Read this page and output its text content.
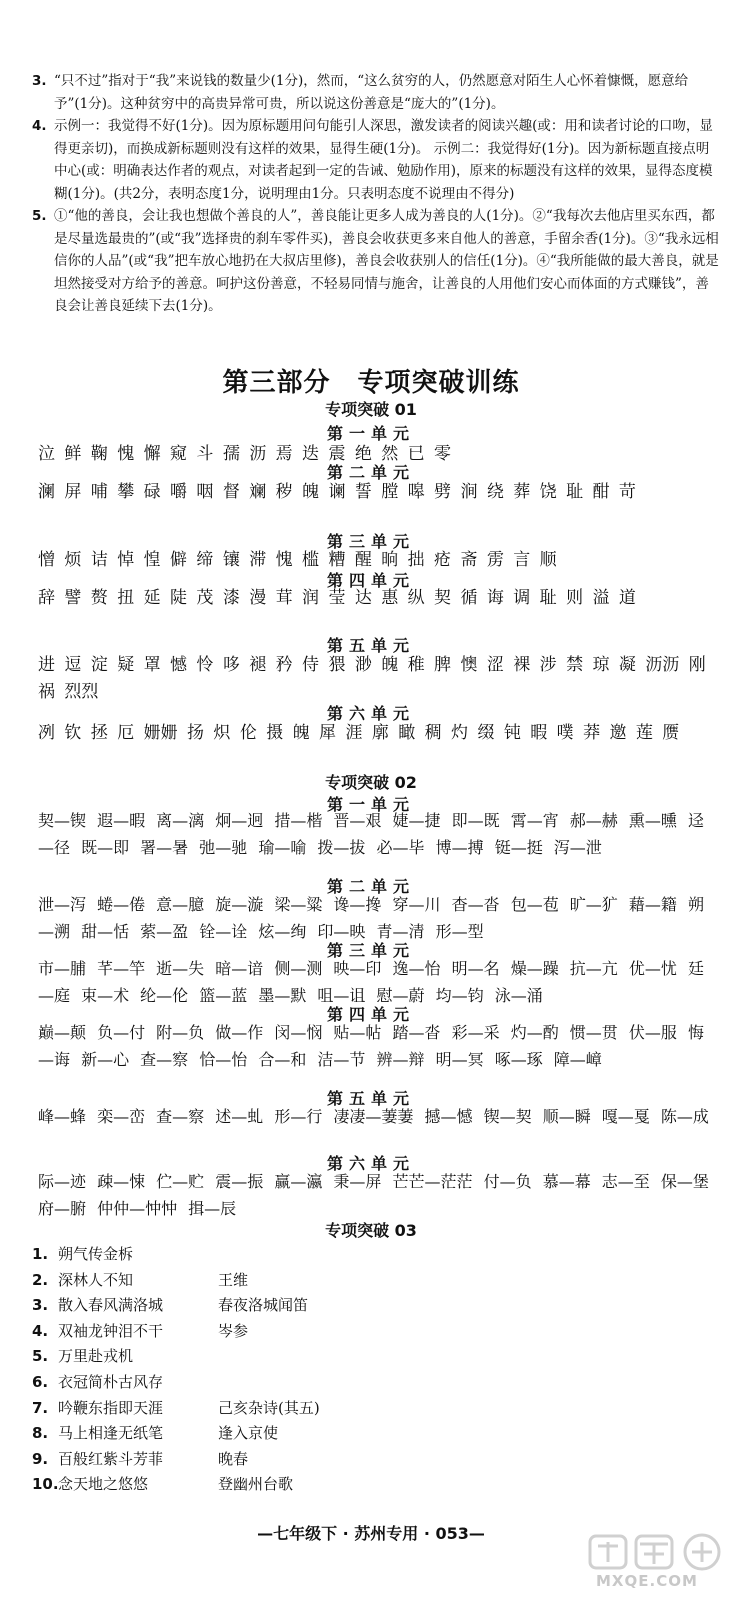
3. “只不过”指对于“我”来说钱的数量少(1分)，然而，“这么贫穷的人，仍然愿意对陌生人心怀着慷慨，愿意给予”(1分)。这种贫穷中的高贵异常可贵，所以说这份善意是“庞大的”(1分)。
4. 示例一：我觉得不好(1分)。因为原标题用问句能引人深思，激发读者的阅读兴趣(或：用和读者讨论的口吻，显得更亲切)，而换成新标题则没有这样的效果，显得生硬(1分)。 示例二：我觉得好(1分)。因为新标题直接点明中心(或：明确表达作者的观点，对读者起到一定的告诫、勉励作用)，原来的标题没有这样的效果，显得态度模糊(1分)。(共2分，表明态度1分，说明理由1分。只表明态度不说理由不得分)
5. ①“他的善良，会让我也想做个善良的人”，善良能让更多人成为善良的人(1分)。②“我每次去他店里买东西，都是尽量选最贵的”(或“我”选择贵的刹车零件买)，善良会收获更多来自他人的善意，手留余香(1分)。③“我永远相信你的人品”(或“我”把车放心地扔在大叔店里修)，善良会收获别人的信任(1分)。④“我所能做的最大善良，就是坦然接受对方给予的善意。呵护这份善意，不轻易同情与施舍，让善良的人用他们安心而体面的方式赚钱”，善良会让善良延续下去(1分)。
第三部分　专项突破训练
专项突破 01
第一单元
泣 鲜 鞠 愧 懈 窥 斗 孺 沥 焉 迭 震 绝 然 已 零
第二单元
澜 屏 哺 攀 碌 嚼 咽 督 斓 秽 魄 谰 誓 膛 嗥 劈 涧 绕 葬 饶 耻 酣 苛
第三单元
憎 烦 诘 悼 惶 僻 缔 镶 滞 愧 槛 糟 醒 晌 拙 疮 斋 雳 言 顺
第四单元
辞 譬 赘 扭 延 陡 茂 漆 漫 茸 润 莹 达 惠 纵 契 循 诲 调 耻 则 溢 道
第五单元
进 逗 淀 疑 罩 憾 怜 哆 褪 矜 侍 猥 渺 魄 稚 脾 懊 涩 裸 涉 禁 琼 凝 沥沥 刚 祸 烈烈
第六单元
冽 钦 拯 厄 姗姗 扬 炽 伦 摄 魄 犀 涯 廓 瞰 稠 灼 缀 钝 暇 噗 莽 邀 莲 赝
专项突破 02
第一单元
契—锲 遐—暇 离—漓 炯—迥 措—楷 晋—艰 婕—捷 即—既 霄—宵 郝—赫 熏—曛 迳—径 既—即 署—暑 弛—驰 瑜—喻 拨—拔 必—毕 博—搏 铤—挺 泻—泄
第二单元
泄—泻 蜷—倦 意—臆 旋—漩 梁—粱 谗—搀 穿—川 杳—沓 包—苞 旷—犷 藉—籍 朔—溯 甜—恬 萦—盈 铨—诠 炫—绚 印—映 青—清 形—型
第三单元
市—脯 芊—竿 逝—失 暗—谙 侧—测 映—印 逸—怡 明—名 燥—躁 抗—亢 优—忧 廷—庭 束—术 纶—伦 篮—蓝 墨—默 咀—诅 慰—蔚 均—钧 泳—涌
第四单元
巅—颠 负—付 附—负 做—作 闵—悯 贴—帖 踏—沓 彩—采 灼—酌 惯—贯 伏—服 悔—诲 新—心 查—察 恰—怡 合—和 洁—节 辨—辩 明—冥 啄—琢 障—嶂
第五单元
峰—蜂 栾—峦 查—察 述—虬 形—行 凄凄—萋萋 撼—憾 锲—契 顺—瞬 嘎—戛 陈—成
第六单元
际—迹 疎—悚 伫—贮 震—振 赢—瀛 秉—屏 芒芒—茫茫 付—负 慕—幕 志—至 保—堡 府—腑 仲仲—忡忡 揖—辰
专项突破 03
1. 朔气传金柝
2. 深林人不知	王维
3. 散入春风满洛城	春夜洛城闻笛
4. 双袖龙钟泪不干	岑参
5. 万里赴戎机
6. 衣冠简朴古风存
7. 吟鞭东指即天涯	己亥杂诗(其五)
8. 马上相逢无纸笔	逢入京使
9. 百般红紫斗芳菲	晚春
10. 念天地之悠悠	登幽州台歌
—七年级下 · 苏州专用 · 053—
MXQE.COM
